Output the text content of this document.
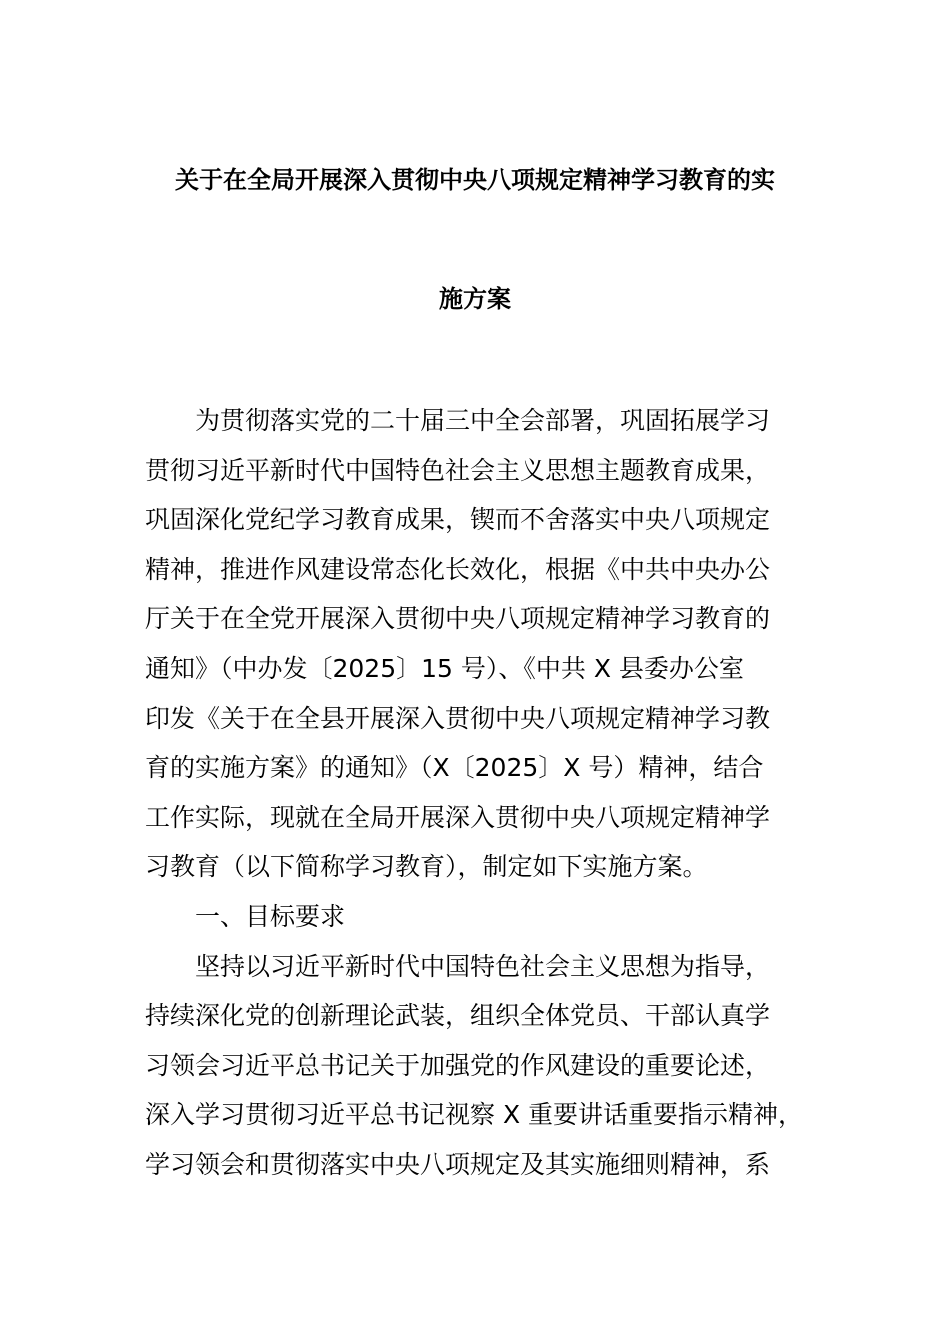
关于在全局开展深入贯彻中央八项规定精神学习教育的实
施方案
为贯彻落实党的二十届三中全会部署，巩固拓展学习
贯彻习近平新时代中国特色社会主义思想主题教育成果，
巩固深化党纪学习教育成果，锲而不舍落实中央八项规定
精神，推进作风建设常态化长效化，根据《中共中央办公
厅关于在全党开展深入贯彻中央八项规定精神学习教育的
通知》（中办发〔2025〕15 号）、《中共 X 县委办公室
印发《关于在全县开展深入贯彻中央八项规定精神学习教
育的实施方案》的通知》（X〔2025〕X 号）精神，结合
工作实际，现就在全局开展深入贯彻中央八项规定精神学
习教育（以下简称学习教育），制定如下实施方案。
一、目标要求
坚持以习近平新时代中国特色社会主义思想为指导，
持续深化党的创新理论武装，组织全体党员、干部认真学
习领会习近平总书记关于加强党的作风建设的重要论述，
深入学习贯彻习近平总书记视察 X 重要讲话重要指示精神，
学习领会和贯彻落实中央八项规定及其实施细则精神，系
